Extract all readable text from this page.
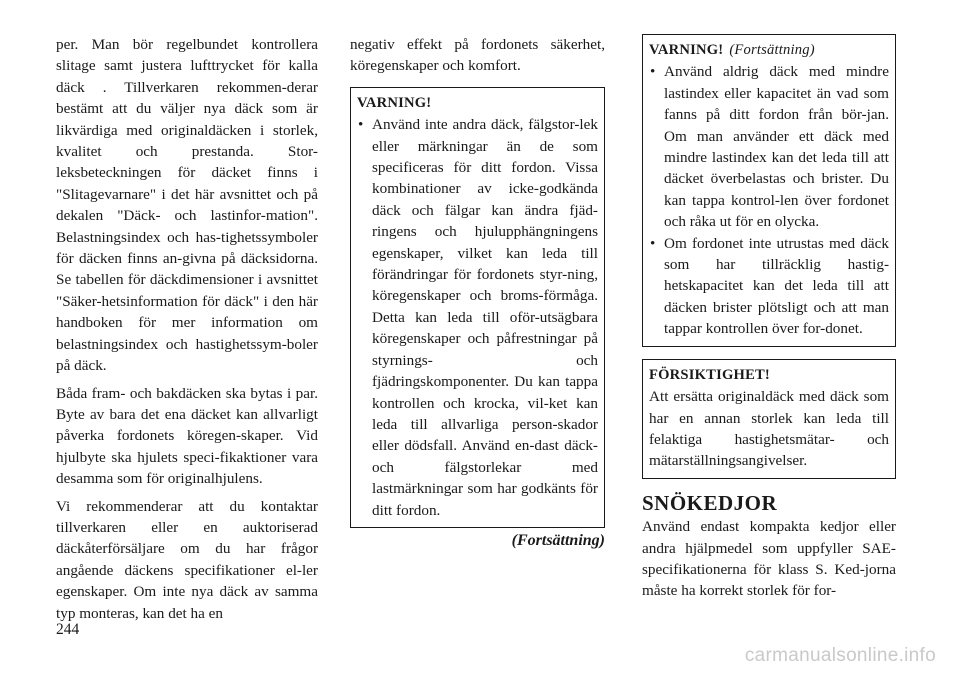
per. Man bör regelbundet kontrollera slitage samt justera lufttrycket för kalla däck . Tillverkaren rekommen-derar bestämt att du väljer nya däck som är likvärdiga med originaldäcken i storlek, kvalitet och prestanda. Stor-leksbeteckningen för däcket finns i "Slitagevarnare" i det här avsnittet och på dekalen "Däck- och lastinfor-mation". Belastningsindex och has-tighetssymboler för däcken finns an-givna på däcksidorna. Se tabellen för däckdimensioner i avsnittet "Säker-hetsinformation för däck" i den här handboken för mer information om belastningsindex och hastighetssym-boler på däck.

Båda fram- och bakdäcken ska bytas i par. Byte av bara det ena däcket kan allvarligt påverka fordonets köregen-skaper. Vid hjulbyte ska hjulets speci-fikaktioner vara desamma som för originalhjulens.

Vi rekommenderar att du kontaktar tillverkaren eller en auktoriserad däckåterförsäljare om du har frågor angående däckens specifikationer el-ler egenskaper. Om inte nya däck av samma typ monteras, kan det ha en

negativ effekt på fordonets säkerhet, köregenskaper och komfort.

VARNING!
• Använd inte andra däck, fälgstor-lek eller märkningar än de som specificeras för ditt fordon. Vissa kombinationer av icke-godkända däck och fälgar kan ändra fjäd-ringens och hjulupphängningens egenskaper, vilket kan leda till förändringar för fordonets styr-ning, köregenskaper och broms-förmåga. Detta kan leda till oför-utsägbara köregenskaper och påfrestningar på styrnings- och fjädringskomponenter. Du kan tappa kontrollen och krocka, vil-ket kan leda till allvarliga person-skador eller dödsfall. Använd en-dast däck- och fälgstorlekar med lastmärkningar som har godkänts för ditt fordon.
(Fortsättning)
VARNING! (Fortsättning)
• Använd aldrig däck med mindre lastindex eller kapacitet än vad som fanns på ditt fordon från bör-jan. Om man använder ett däck med mindre lastindex kan det leda till att däcket överbelastas och brister. Du kan tappa kontrol-len över fordonet och råka ut för en olycka.
• Om fordonet inte utrustas med däck som har tillräcklig hastig-hetskapacitet kan det leda till att däcken brister plötsligt och att man tappar kontrollen över for-donet.
FÖRSIKTIGHET!

Att ersätta originaldäck med däck som har en annan storlek kan leda till felaktiga hastighetsmätar- och mätarställningsangivelser.

SNÖKEDJOR

Använd endast kompakta kedjor eller andra hjälpmedel som uppfyller SAE-specifikationerna för klass S. Ked-jorna måste ha korrekt storlek för for-

244
carmanualsonline.info
